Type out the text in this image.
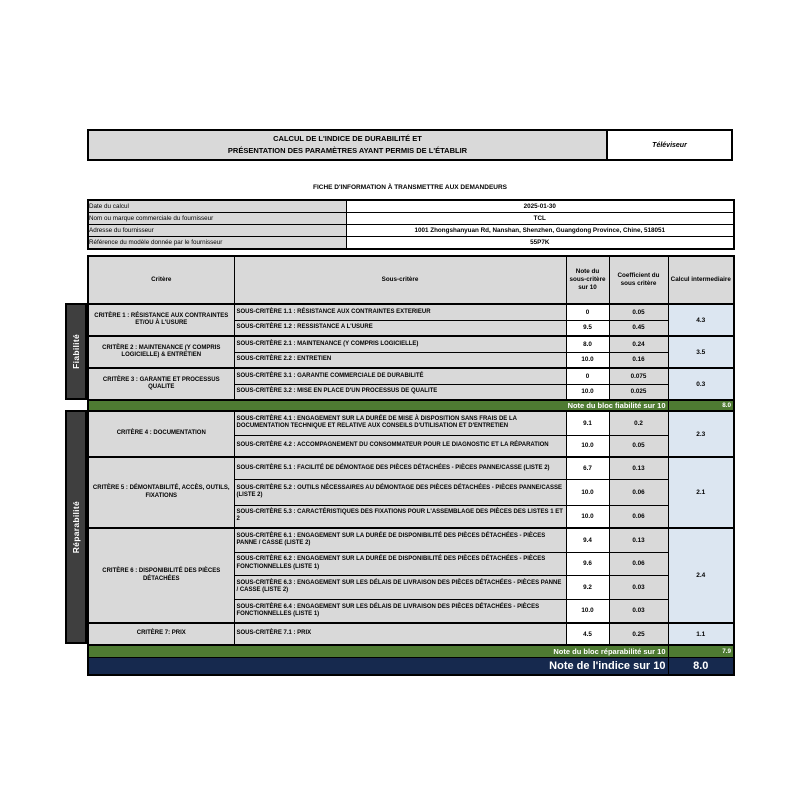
CALCUL DE L'INDICE DE DURABILITÉ ET
PRÉSENTATION DES PARAMÈTRES AYANT PERMIS DE L'ÉTABLIR
Téléviseur
FICHE D'INFORMATION À TRANSMETTRE AUX DEMANDEURS
Date du calcul	2025-01-30
Nom ou marque commerciale du fournisseur	TCL
Adresse du fournisseur	1001 Zhongshanyuan Rd, Nanshan, Shenzhen, Guangdong Province, Chine, 518051
Référence du modèle donnée par le fournisseur	55P7K
Fiabilité
Réparabilité
Critère	Sous-critère	Note du sous-critère sur 10	Coefficient du sous critère	Calcul intermediaire
CRITÈRE 1 : RÉSISTANCE AUX CONTRAINTES ET/OU À L'USURE	SOUS-CRITÈRE 1.1 : RÉSISTANCE AUX CONTRAINTES EXTERIEUR	0	0.05	4.3
	SOUS-CRITÈRE 1.2 : RESSISTANCE A L'USURE	9.5	0.45	
CRITÈRE 2 : MAINTENANCE (Y COMPRIS LOGICIELLE) & ENTRETIEN	SOUS-CRITÈRE 2.1 : MAINTENANCE (Y COMPRIS LOGICIELLE)	8.0	0.24	3.5
	SOUS-CRITÈRE 2.2 : ENTRETIEN	10.0	0.16	
CRITÈRE 3 : GARANTIE ET PROCESSUS QUALITE	SOUS-CRITÈRE 3.1 : GARANTIE COMMERCIALE DE DURABILITÉ	0	0.075	0.3
	SOUS-CRITÈRE 3.2 : MISE EN PLACE D'UN PROCESSUS DE QUALITE	10.0	0.025	
Note du bloc fiabilité sur 10				8.0
CRITÈRE 4 : DOCUMENTATION	SOUS-CRITÈRE 4.1 : ENGAGEMENT SUR LA DURÉE DE MISE À DISPOSITION SANS FRAIS DE LA DOCUMENTATION TECHNIQUE ET RELATIVE AUX CONSEILS D'UTILISATION ET D'ENTRETIEN	9.1	0.2	2.3
	SOUS-CRITÈRE 4.2 : ACCOMPAGNEMENT DU CONSOMMATEUR POUR LE DIAGNOSTIC ET LA RÉPARATION	10.0	0.05	
CRITÈRE 5 : DÉMONTABILITÉ, ACCÈS, OUTILS, FIXATIONS	SOUS-CRITÈRE 5.1 : FACILITÉ DE DÉMONTAGE DES PIÈCES DÉTACHÉES - PIÈCES PANNE/CASSE (LISTE 2)	6.7	0.13	2.1
	SOUS-CRITÈRE 5.2 : OUTILS NÉCESSAIRES AU DÉMONTAGE DES PIÈCES DÉTACHÉES - PIÈCES PANNE/CASSE (LISTE 2)	10.0	0.06	
	SOUS-CRITÈRE 5.3 : CARACTÉRISTIQUES DES FIXATIONS POUR L'ASSEMBLAGE DES PIÈCES DES LISTES 1 ET 2	10.0	0.06	
CRITÈRE 6 : DISPONIBILITÉ DES PIÈCES DÉTACHÉES	SOUS-CRITÈRE 6.1 : ENGAGEMENT SUR LA DURÉE DE DISPONIBILITÉ DES PIÈCES DÉTACHÉES - PIÈCES PANNE / CASSE (LISTE 2)	9.4	0.13	2.4
	SOUS-CRITÈRE 6.2 : ENGAGEMENT SUR LA DURÉE DE DISPONIBILITÉ DES PIÈCES DÉTACHÉES - PIÈCES FONCTIONNELLES (LISTE 1)	9.6	0.06	
	SOUS-CRITÈRE 6.3 : ENGAGEMENT SUR LES DÉLAIS DE LIVRAISON DES PIÈCES DÉTACHÉES - PIÈCES PANNE / CASSE (LISTE 2)	9.2	0.03	
	SOUS-CRITÈRE 6.4 : ENGAGEMENT SUR LES DÉLAIS DE LIVRAISON DES PIÈCES DÉTACHÉES - PIÈCES FONCTIONNELLES (LISTE 1)	10.0	0.03	
CRITÈRE 7: PRIX	SOUS-CRITÈRE 7.1 : PRIX	4.5	0.25	1.1
Note du bloc réparabilité sur 10				7.9
Note de l'indice sur 10				8.0
